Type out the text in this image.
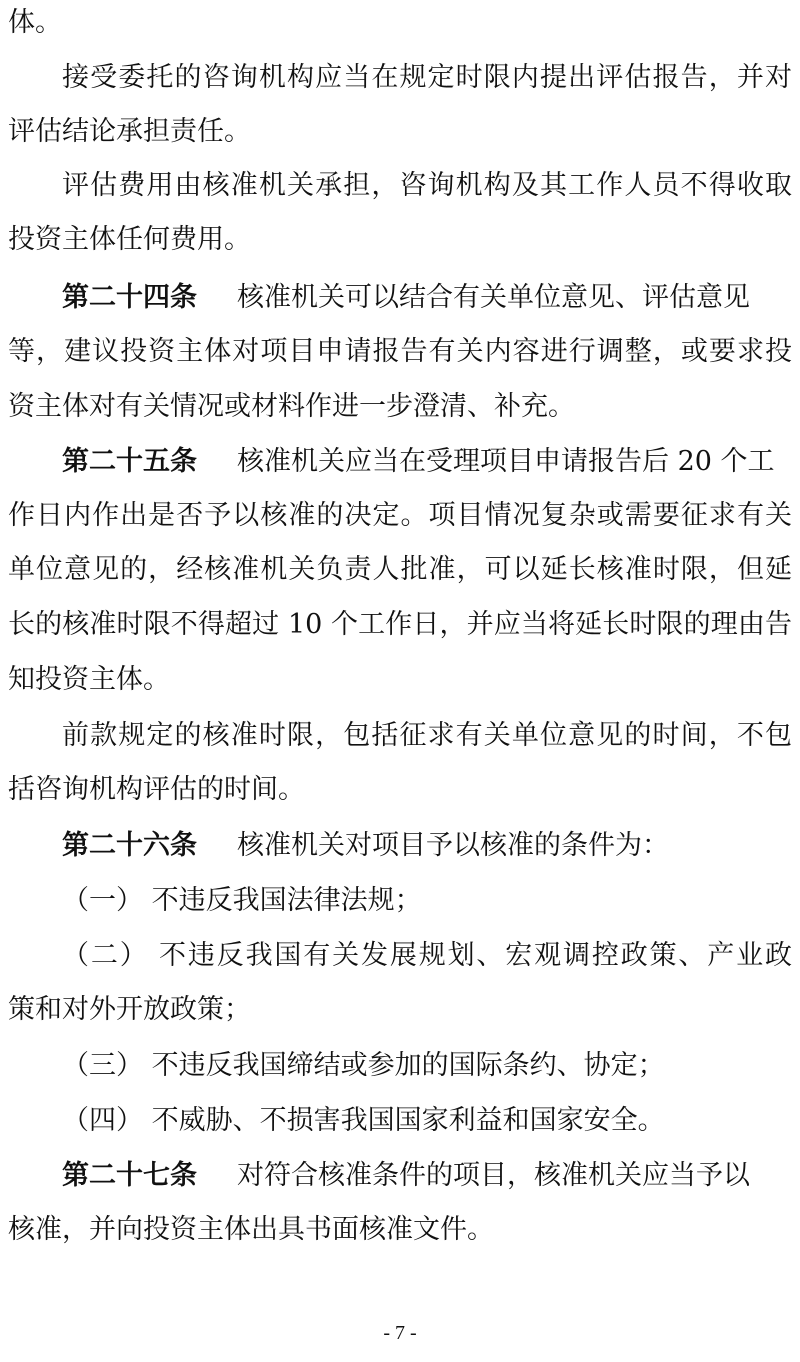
体。
接受委托的咨询机构应当在规定时限内提出评估报告，并对
评估结论承担责任。
评估费用由核准机关承担，咨询机构及其工作人员不得收取
投资主体任何费用。
第二十四条 核准机关可以结合有关单位意见、评估意见
等，建议投资主体对项目申请报告有关内容进行调整，或要求投
资主体对有关情况或材料作进一步澄清、补充。
第二十五条 核准机关应当在受理项目申请报告后 20 个工
作日内作出是否予以核准的决定。项目情况复杂或需要征求有关
单位意见的，经核准机关负责人批准，可以延长核准时限，但延
长的核准时限不得超过 10 个工作日，并应当将延长时限的理由告
知投资主体。
前款规定的核准时限，包括征求有关单位意见的时间，不包
括咨询机构评估的时间。
第二十六条 核准机关对项目予以核准的条件为：
（一） 不违反我国法律法规；
（二） 不违反我国有关发展规划、宏观调控政策、产业政
策和对外开放政策；
（三） 不违反我国缔结或参加的国际条约、协定；
（四） 不威胁、不损害我国国家利益和国家安全。
第二十七条 对符合核准条件的项目，核准机关应当予以
核准，并向投资主体出具书面核准文件。
- 7 -
